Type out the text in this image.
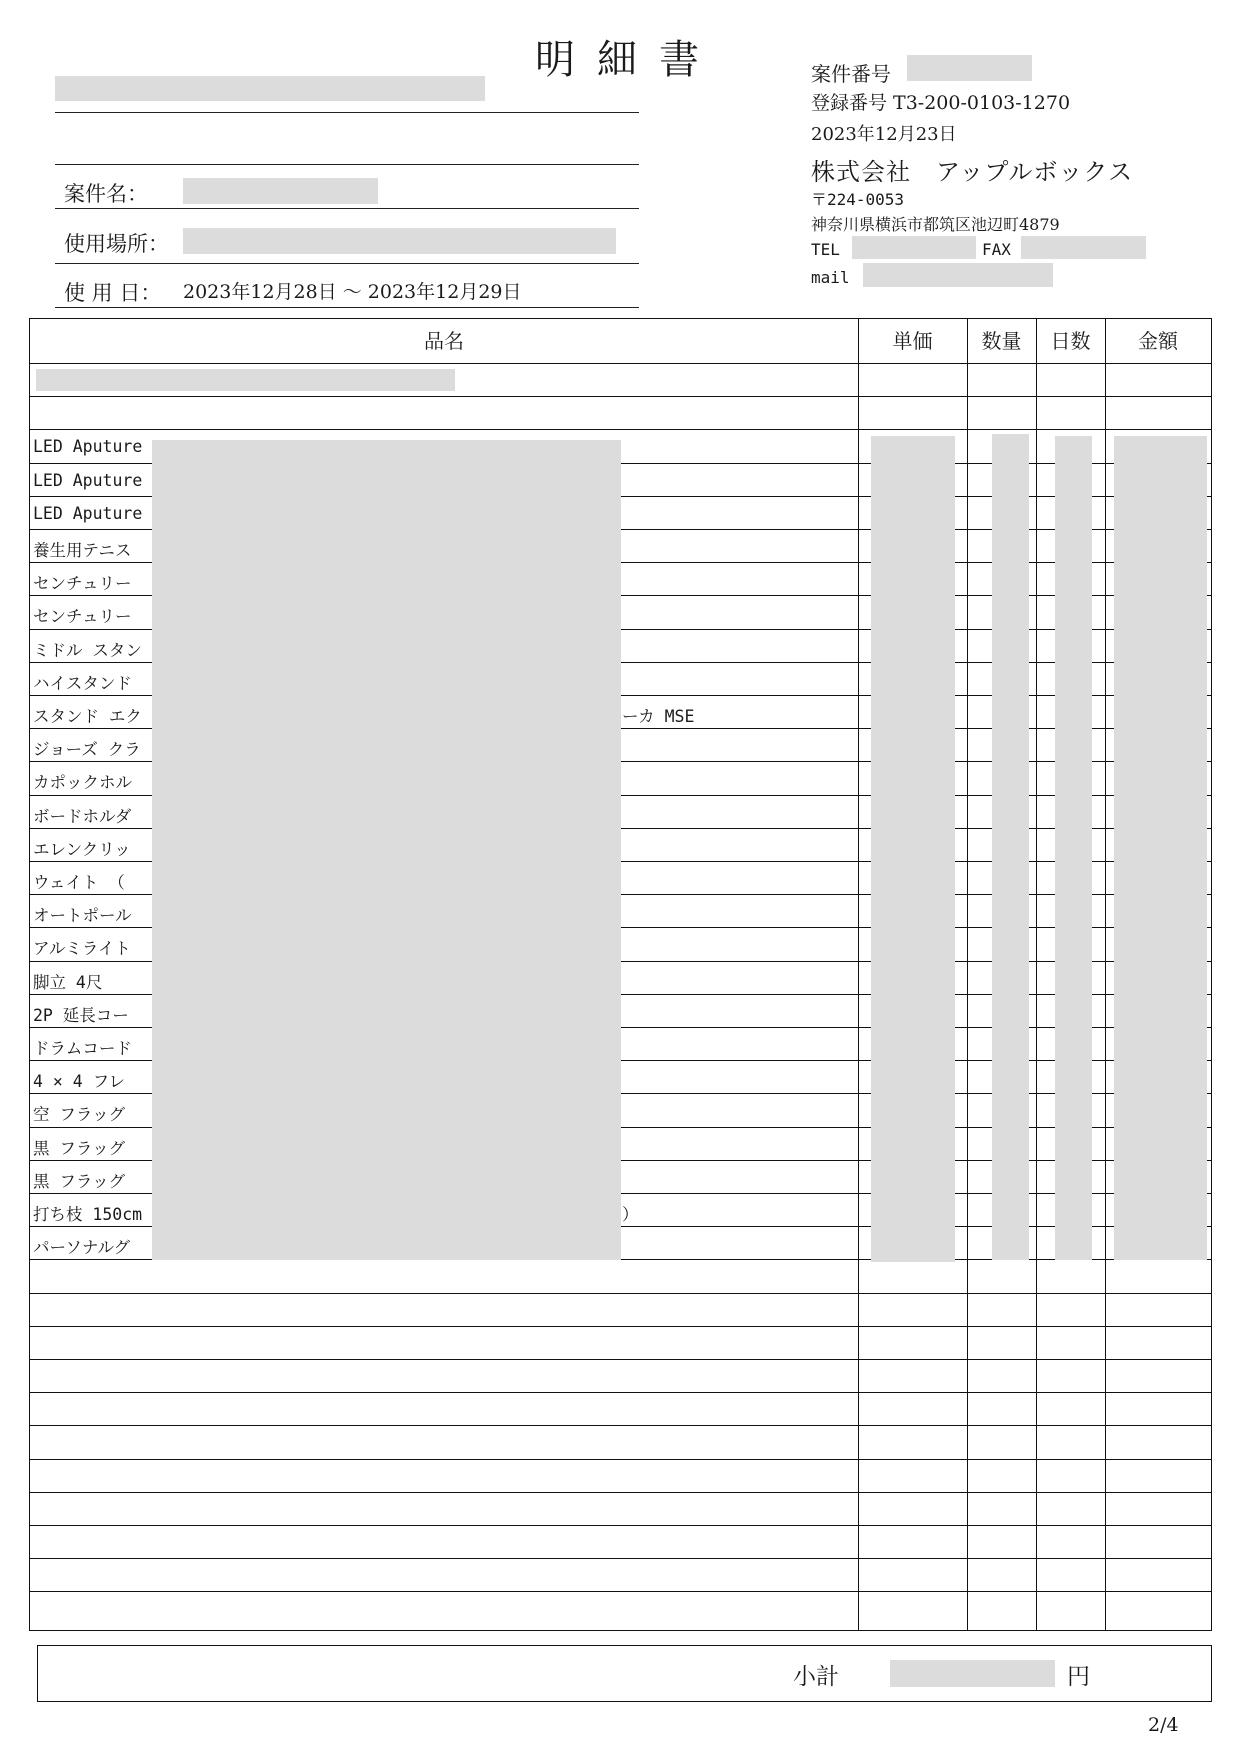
明細書
案件名：
使用場所：
使 用 日： 2023年12月28日 〜 2023年12月29日
案件番号
登録番号 T3-200-0103-1270
2023年12月23日
株式会社　アップルボックス
〒224-0053
神奈川県横浜市都筑区池辺町4879
TEL	FAX
mail
品名	単価	数量	日数	金額
LED Aputure
LED Aputure
LED Aputure
養生用テニス
センチュリー
センチュリー
ミドル スタン
ハイスタンド
スタンド エク	ーカ MSE
ジョーズ クラ
カポックホル
ボードホルダ
エレンクリッ
ウェイト （
オートポール
アルミライト
脚立 4尺
2P 延長コー
ドラムコード
4 × 4 フレ
空 フラッグ
黒 フラッグ
黒 フラッグ
打ち枝 150cm	）
パーソナルグ
小計	円
2/4
